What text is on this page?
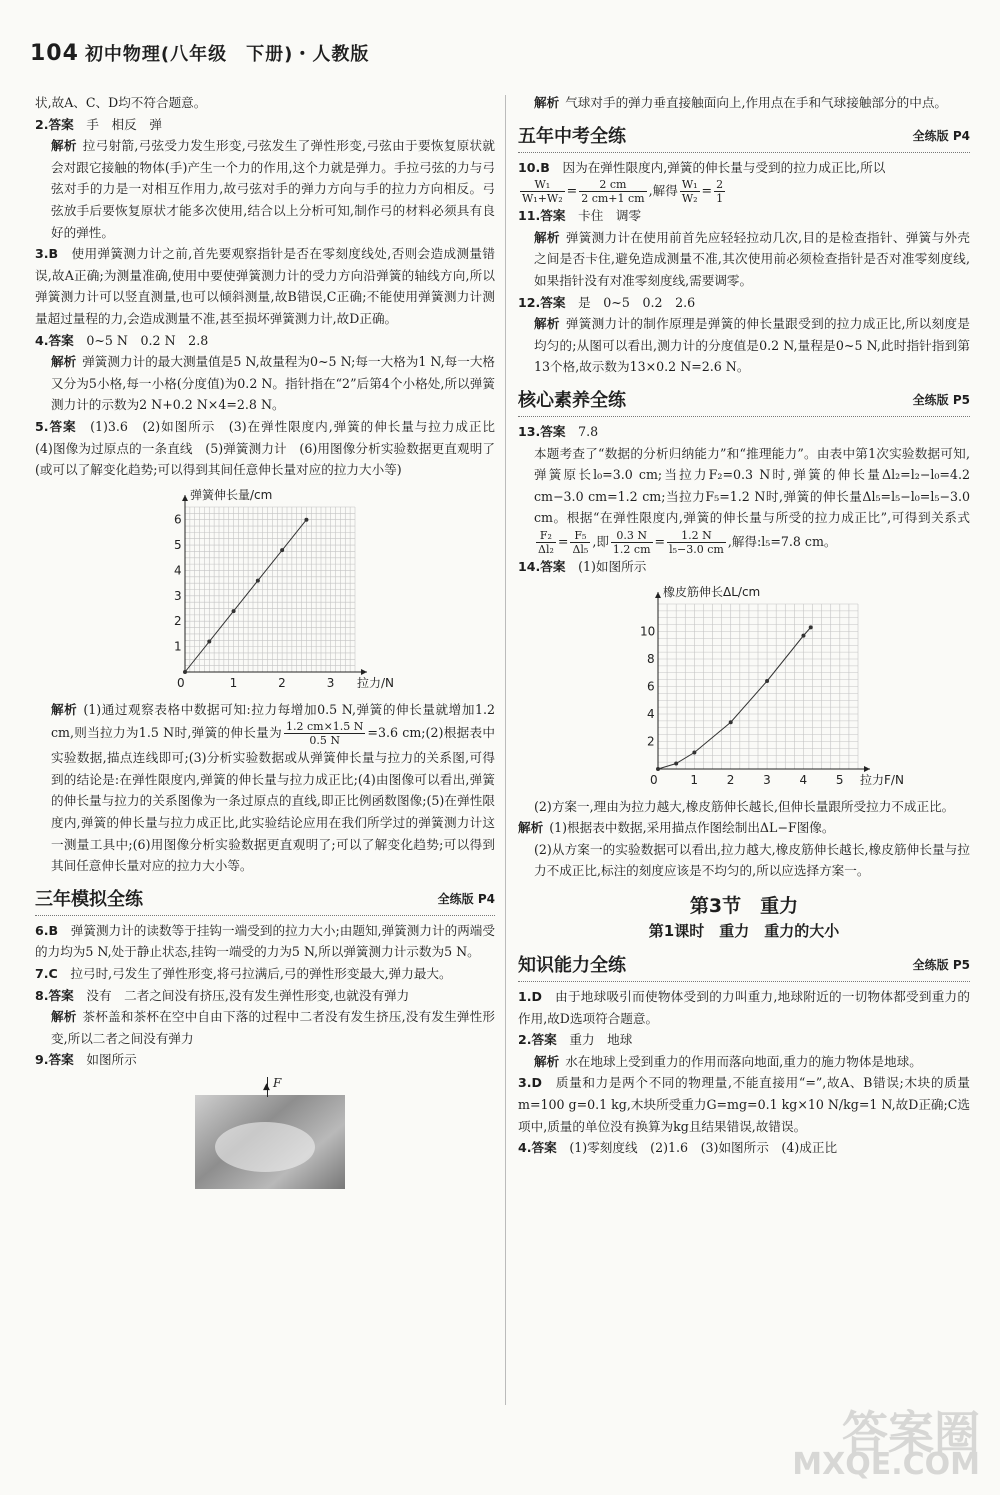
104 初中物理(八年级　下册)・人教版

状,故A、C、D均不符合题意。

2.答案　 手　相反　弹

解析 拉弓射箭,弓弦受力发生形变,弓弦发生了弹性形变,弓弦由于要恢复原状就会对跟它接触的物体(手)产生一个力的作用,这个力就是弹力。手拉弓弦的力与弓弦对手的力是一对相互作用力,故弓弦对手的弹力方向与手的拉力方向相反。弓弦放手后要恢复原状才能多次使用,结合以上分析可知,制作弓的材料必须具有良好的弹性。

3.B　 使用弹簧测力计之前,首先要观察指针是否在零刻度线处,否则会造成测量错误,故A正确;为测量准确,使用中要使弹簧测力计的受力方向沿弹簧的轴线方向,所以弹簧测力计可以竖直测量,也可以倾斜测量,故B错误,C正确;不能使用弹簧测力计测量超过量程的力,会造成测量不准,甚至损坏弹簧测力计,故D正确。

4.答案　 0~5 N　0.2 N　2.8

解析 弹簧测力计的最大测量值是5 N,故量程为0~5 N;每一大格为1 N,每一大格又分为5小格,每一小格(分度值)为0.2 N。指针指在“2”后第4个小格处,所以弹簧测力计的示数为2 N+0.2 N×4=2.8 N。

5.答案　 (1)3.6　(2)如图所示　(3)在弹性限度内,弹簧的伸长量与拉力成正比　(4)图像为过原点的一条直线　(5)弹簧测力计　(6)用图像分析实验数据更直观明了(或可以了解变化趋势;可以得到其间任意伸长量对应的拉力大小等)

0	1	2	3
1
2
3
4
5
6
拉力/N
弹簧伸长量/cm

解析 (1)通过观察表格中数据可知:拉力每增加0.5 N,弹簧的伸长量就增加1.2 cm,则当拉力为1.5 N时,弹簧的伸长量为 $\frac{1.2 cm\times 1.5 N}{0.5 N} =3.6$ cm;(2)根据表中实验数据,描点连线即可;(3)分析实验数据或从弹簧伸长量与拉力的关系图,可得到的结论是:在弹性限度内,弹簧的伸长量与拉力成正比;(4)由图像可以看出,弹簧的伸长量与拉力的关系图像为一条过原点的直线,即正比例函数图像;(5)在弹性限度内,弹簧的伸长量与拉力成正比,此实验结论应用在我们所学过的弹簧测力计这一测量工具中;(6)用图像分析实验数据更直观明了;可以了解变化趋势;可以得到其间任意伸长量对应的拉力大小等。

三年模拟全练	全练版 P4

6.B　 弹簧测力计的读数等于挂钩一端受到的拉力大小;由题知,弹簧测力计的两端受的力均为5 N,处于静止状态,挂钩一端受的力为5 N,所以弹簧测力计示数为5 N。

7.C　 拉弓时,弓发生了弹性形变,将弓拉满后,弓的弹性形变最大,弹力最大。

8.答案　 没有　二者之间没有挤压,没有发生弹性形变,也就没有弹力

解析 茶杯盖和茶杯在空中自由下落的过程中二者没有发生挤压,没有发生弹性形变,所以二者之间没有弹力

9.答案　 如图所示

▲ F

解析 气球对手的弹力垂直接触面向上,作用点在手和气球接触部分的中点。

五年中考全练	全练版 P4

10.B　 因为在弹性限度内,弹簧的伸长量与受到的拉力成正比,所以

$\frac{\text{W₁}}{\text{W₁+W₂}} = \frac{2 cm}{2 cm+1 cm}$ ,解得 $\frac{\text{W₁}}{\text{W₂}} = \frac{2}{1}$

11.答案　 卡住　调零

解析 弹簧测力计在使用前首先应轻轻拉动几次,目的是检查指针、弹簧与外壳之间是否卡住,避免造成测量不准,其次使用前必须检查指针是否对准零刻度线,如果指针没有对准零刻度线,需要调零。

12.答案　 是　0~5　0.2　2.6

解析 弹簧测力计的制作原理是弹簧的伸长量跟受到的拉力成正比,所以刻度是均匀的;从图可以看出,测力计的分度值是0.2 N,量程是0~5 N,此时指针指到第13个格,故示数为13×0.2 N=2.6 N。

核心素养全练	全练版 P5

13.答案　 7.8

本题考查了“数据的分析归纳能力”和“推理能力”。由表中第1次实验数据可知,弹簧原长l₀=3.0 cm;当拉力F₂=0.3 N时,弹簧的伸长量Δl₂=l₂−l₀=4.2 cm−3.0 cm=1.2 cm;当拉力F₅=1.2 N时,弹簧的伸长量Δl₅=l₅−l₀=l₅−3.0 cm。根据“在弹性限度内,弹簧的伸长量与所受的拉力成正比”,可得到关系式
$\frac{\text{F₂}}{\text{Δl₂}} = \frac{\text{F₅}}{\text{Δl₅}}$ ,即 $\frac{0.3 N}{1.2 cm} = \frac{1.2 N}{\text{l₅−3.0 cm}}$ ,解得:l₅=7.8 cm。

14.答案　 (1)如图所示

0	1 2 3 4 5
2
4
6
8
10
拉力F/N
橡皮筋伸长ΔL/cm

(2)方案一,理由为拉力越大,橡皮筋伸长越长,但伸长量跟所受拉力不成正比。

解析 (1)根据表中数据,采用描点作图绘制出ΔL−F图像。

(2)从方案一的实验数据可以看出,拉力越大,橡皮筋伸长越长,橡皮筋伸长量与拉力不成正比,标注的刻度应该是不均匀的,所以应选择方案一。

第3节　重力
第1课时　重力　重力的大小
知识能力全练	全练版 P5

1.D　 由于地球吸引而使物体受到的力叫重力,地球附近的一切物体都受到重力的作用,故D选项符合题意。

2.答案　 重力　地球

解析 水在地球上受到重力的作用而落向地面,重力的施力物体是地球。

3.D　 质量和力是两个不同的物理量,不能直接用“=”,故A、B错误;木块的质量m=100 g=0.1 kg,木块所受重力G=mg=0.1 kg×10 N/kg=1 N,故D正确;C选项中,质量的单位没有换算为kg且结果错误,故错误。

4.答案　 (1)零刻度线　(2)1.6　(3)如图所示　(4)成正比

答案圈
MXQE.COM
